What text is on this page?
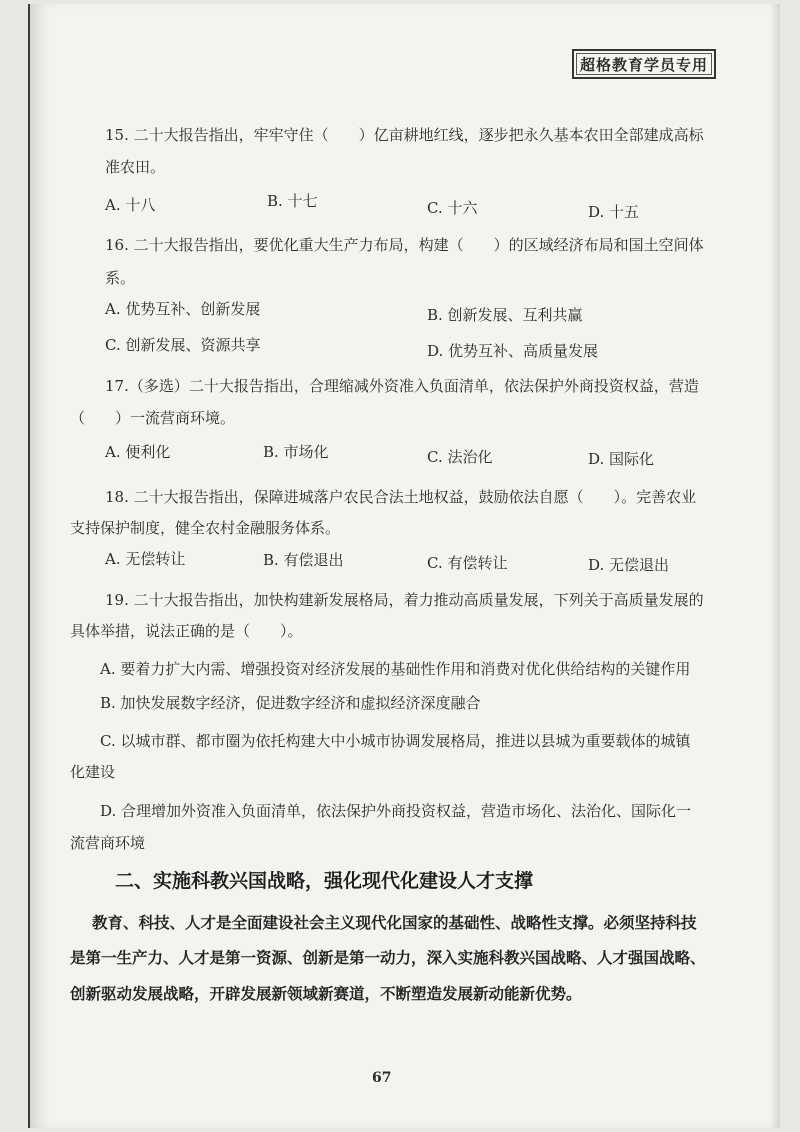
超格教育学员专用
15. 二十大报告指出，牢牢守住（　　）亿亩耕地红线，逐步把永久基本农田全部建成高标
准农田。
A. 十八	B. 十七	C. 十六	D. 十五
16. 二十大报告指出，要优化重大生产力布局，构建（　　）的区域经济布局和国土空间体
系。
A. 优势互补、创新发展	B. 创新发展、互利共赢
C. 创新发展、资源共享	D. 优势互补、高质量发展
17.（多选）二十大报告指出，合理缩减外资准入负面清单，依法保护外商投资权益，营造
（　　）一流营商环境。
A. 便利化	B. 市场化	C. 法治化	D. 国际化
18. 二十大报告指出，保障进城落户农民合法土地权益，鼓励依法自愿（　　）。完善农业
支持保护制度，健全农村金融服务体系。
A. 无偿转让	B. 有偿退出	C. 有偿转让	D. 无偿退出
19. 二十大报告指出，加快构建新发展格局，着力推动高质量发展，下列关于高质量发展的
具体举措，说法正确的是（　　）。
A. 要着力扩大内需、增强投资对经济发展的基础性作用和消费对优化供给结构的关键作用
B. 加快发展数字经济，促进数字经济和虚拟经济深度融合
C. 以城市群、都市圈为依托构建大中小城市协调发展格局，推进以县城为重要载体的城镇
化建设
D. 合理增加外资准入负面清单，依法保护外商投资权益，营造市场化、法治化、国际化一
流营商环境
二、实施科教兴国战略，强化现代化建设人才支撑
教育、科技、人才是全面建设社会主义现代化国家的基础性、战略性支撑。必须坚持科技
是第一生产力、人才是第一资源、创新是第一动力，深入实施科教兴国战略、人才强国战略、
创新驱动发展战略，开辟发展新领域新赛道，不断塑造发展新动能新优势。
67
